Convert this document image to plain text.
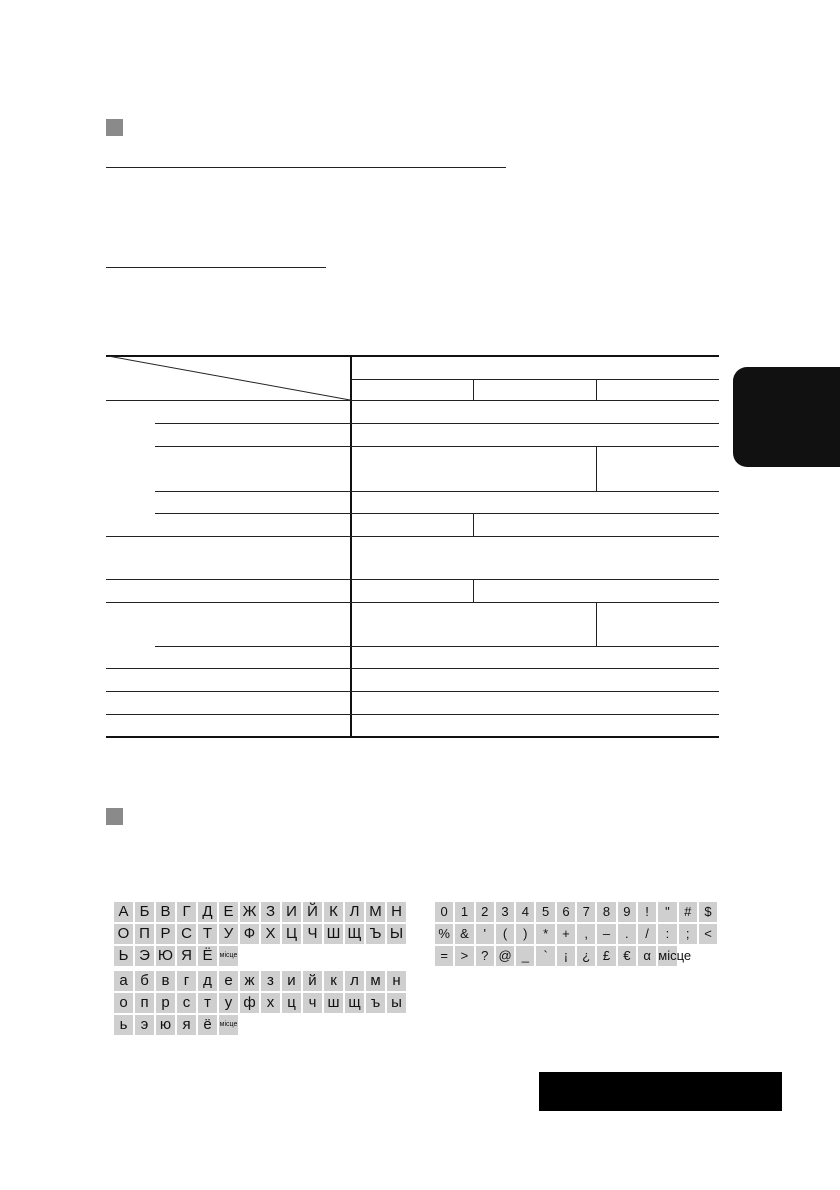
А Б В Г Д Е Ж З И Й К Л М Н
О П Р С Т У Ф Х Ц Ч Ш Щ Ъ Ы
Ь Э Ю Я Ё	місце
а б в г д е ж з и й к л м н
о п р с т у ф х ц ч ш щ ъ ы
ь э ю я ё	місце
0	1	2	3	4	5	6	7	8	9	!	"	#	$
% &	'	(	)	*	+	,	–	.	/	:	;	<
= > ? @ _	`	¡	¿ £	€ α місце
